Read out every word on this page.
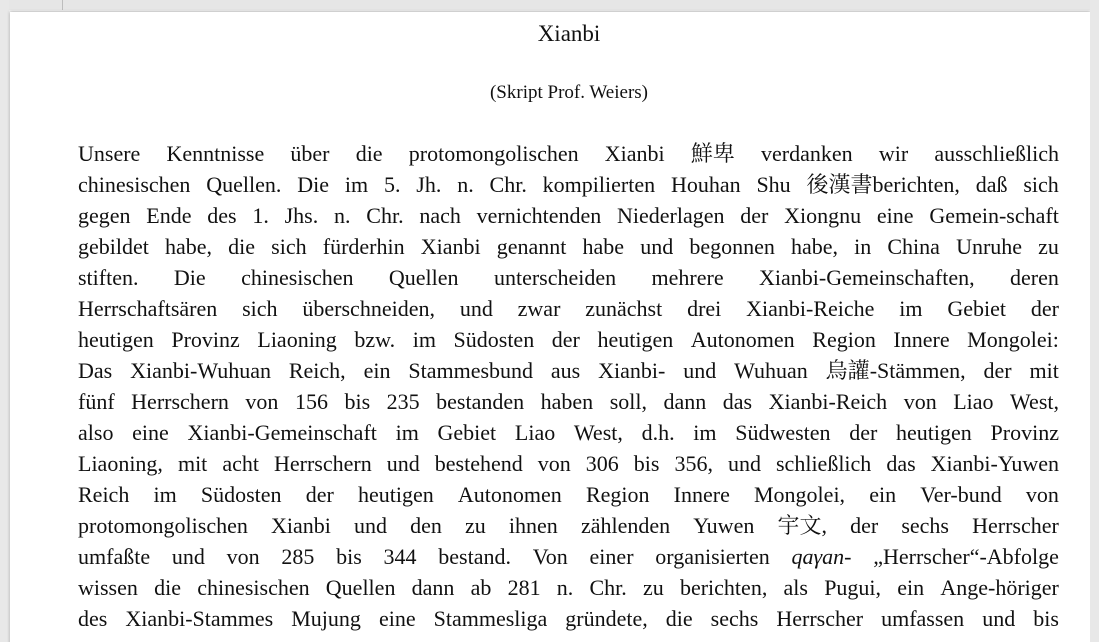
Xianbi
(Skript Prof. Weiers)
Unsere Kenntnisse über die protomongolischen Xianbi 鮮卑 verdanken wir ausschließlich
chinesischen Quellen. Die im 5. Jh. n. Chr. kompilierten Houhan Shu 後漢書berichten, daß sich
gegen Ende des 1. Jhs. n. Chr. nach vernichtenden Niederlagen der Xiongnu eine Gemein-schaft
gebildet habe, die sich fürderhin Xianbi genannt habe und begonnen habe, in China Unruhe zu
stiften. Die chinesischen Quellen unterscheiden mehrere Xianbi-Gemeinschaften, deren
Herrschaftsären sich überschneiden, und zwar zunächst drei Xianbi-Reiche im Gebiet der
heutigen Provinz Liaoning bzw. im Südosten der heutigen Autonomen Region Innere Mongolei:
Das Xianbi-Wuhuan Reich, ein Stammesbund aus Xianbi- und Wuhuan 烏讙-Stämmen, der mit
fünf Herrschern von 156 bis 235 bestanden haben soll, dann das Xianbi-Reich von Liao West,
also eine Xianbi-Gemeinschaft im Gebiet Liao West, d.h. im Südwesten der heutigen Provinz
Liaoning, mit acht Herrschern und bestehend von 306 bis 356, und schließlich das Xianbi-Yuwen
Reich im Südosten der heutigen Autonomen Region Innere Mongolei, ein Ver-bund von
protomongolischen Xianbi und den zu ihnen zählenden Yuwen 宇文, der sechs Herrscher
umfaßte und von 285 bis 344 bestand. Von einer organisierten qaγan- „Herrscher“-Abfolge
wissen die chinesischen Quellen dann ab 281 n. Chr. zu berichten, als Pugui, ein Ange-höriger
des Xianbi-Stammes Mujung eine Stammesliga gründete, die sechs Herrscher umfassen und bis
